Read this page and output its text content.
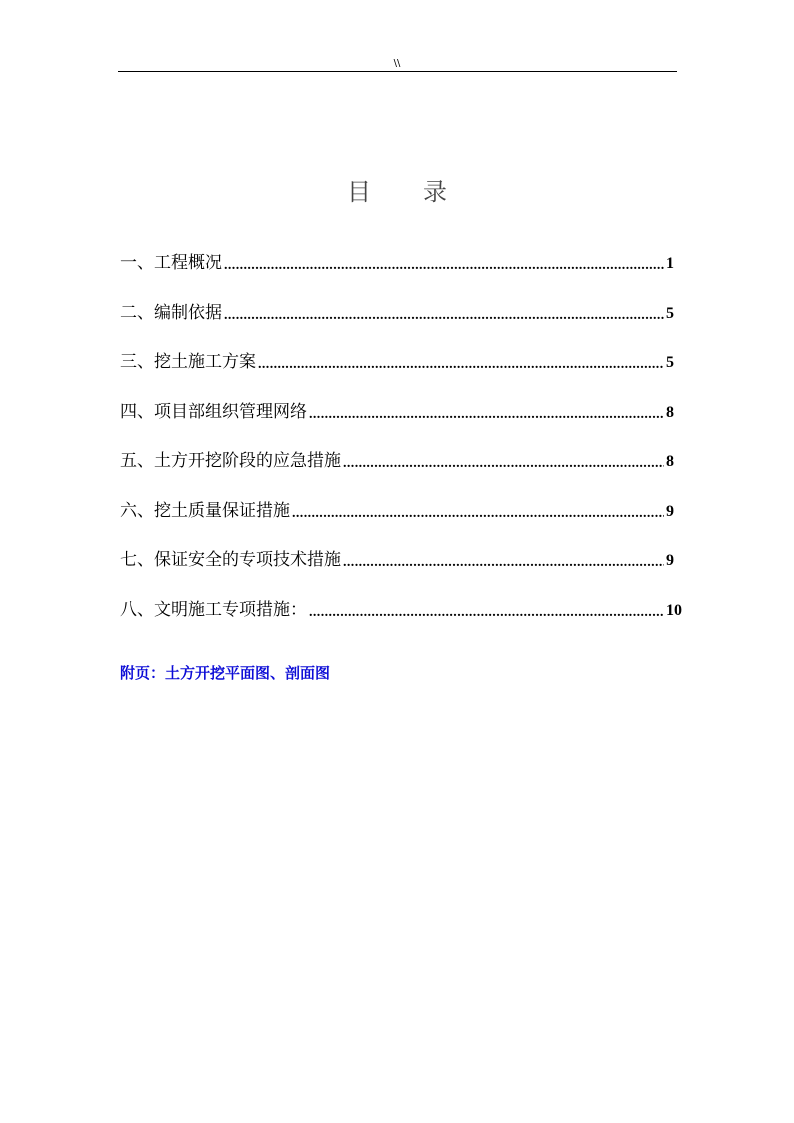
\\
目 录
一、 工程概况 .....	1
二、 编制依据 .....	5
三、 挖土施工方案 .....	5
四、 项目部组织管理网络 .....	8
五、 土方开挖阶段的应急措施 .....	8
六、 挖土质量保证措施 .....	9
七、 保证安全的专项技术措施 .....	9
八、 文明施工专项措施： .....	10
附页：土方开挖平面图、剖面图
